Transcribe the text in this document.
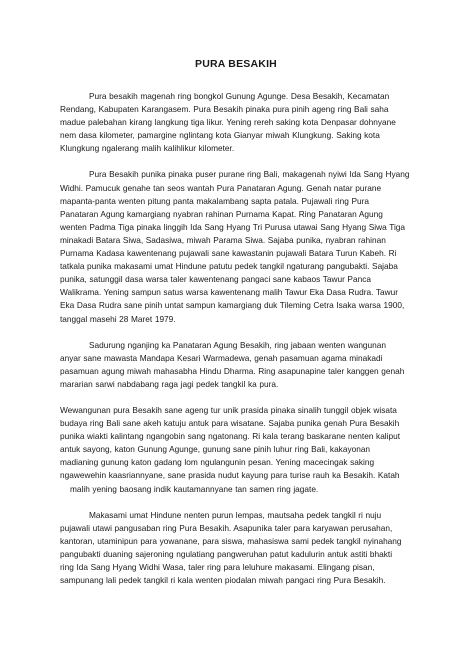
PURA BESAKIH
Pura besakih magenah ring bongkol Gunung Agunge. Desa Besakih, Kecamatan
Rendang, Kabupaten Karangasem. Pura Besakih pinaka pura pinih ageng ring Bali saha
madue palebahan kirang langkung tiga likur. Yening rereh saking kota Denpasar dohnyane
nem dasa kilometer, pamargine nglintang kota Gianyar miwah Klungkung. Saking kota
Klungkung ngalerang malih kalihlikur kilometer.
Pura Besakih punika pinaka puser purane ring Bali, makagenah nyiwi Ida Sang Hyang
Widhi. Pamucuk genahe tan seos wantah Pura Panataran Agung. Genah natar purane
mapanta-panta wenten pitung panta makalambang sapta patala. Pujawali ring Pura
Panataran Agung kamargiang nyabran rahinan Purnama Kapat. Ring Panataran Agung
wenten Padma Tiga pinaka linggih Ida Sang Hyang Tri Purusa utawai Sang Hyang Siwa Tiga
minakadi Batara Siwa, Sadasiwa, miwah Parama Siwa. Sajaba punika, nyabran rahinan
Purnama Kadasa kawentenang pujawali sane kawastanin pujawali Batara Turun Kabeh. Ri
tatkala punika makasami umat Hindune patutu pedek tangkil ngaturang pangubakti. Sajaba
punika, satunggil dasa warsa taler kawentenang pangaci sane kabaos Tawur Panca
Walikrama. Yening sampun satus warsa kawentenang malih Tawur Eka Dasa Rudra. Tawur
Eka Dasa Rudra sane pinih untat sampun kamargiang duk Tileming Cetra Isaka warsa 1900,
tanggal masehi 28 Maret 1979.
Sadurung nganjing ka Panataran Agung Besakih, ring jabaan wenten wangunan
anyar sane mawasta Mandapa Kesari Warmadewa, genah pasamuan agama minakadi
pasamuan agung miwah mahasabha Hindu Dharma. Ring asapunapine taler kanggen genah
mararian sarwi nabdabang raga jagi pedek tangkil ka pura.
Wewangunan pura Besakih sane ageng tur unik prasida pinaka sinalih tunggil objek wisata
budaya ring Bali sane akeh katuju antuk para wisatane. Sajaba punika genah Pura Besakih
punika wiakti kalintang ngangobin sang ngatonang. Ri kala terang baskarane nenten kaliput
antuk sayong, katon Gunung Agunge, gunung sane pinih luhur ring Bali, kakayonan
madianing gunung katon gadang lom ngulangunin pesan. Yening macecingak saking
ngawewehin kaasriannyane, sane prasida nudut kayung para turise rauh ka Besakih. Katah
malih yening baosang indik kautamannyane tan samen ring jagate.
Makasami umat Hindune nenten purun lempas, mautsaha pedek tangkil ri nuju
pujawali utawi pangusaban ring Pura Besakih. Asapunika taler para karyawan perusahan,
kantoran, utaminipun para yowanane, para siswa, mahasiswa sami pedek tangkil nyinahang
pangubakti duaning sajeroning ngulatiang pangweruhan patut kadulurin antuk astiti bhakti
ring Ida Sang Hyang Widhi Wasa, taler ring para leluhure makasami. Elingang pisan,
sampunang lali pedek tangkil ri kala wenten piodalan miwah pangaci ring Pura Besakih.
